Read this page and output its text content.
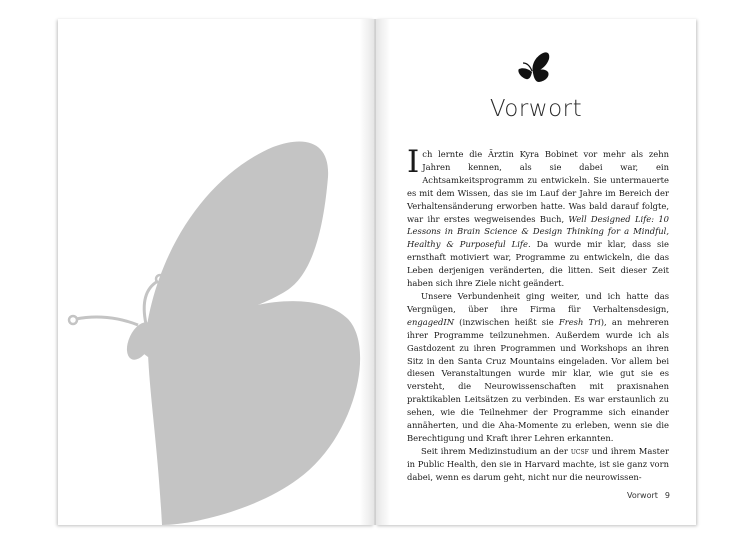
Vorwort

Ich lernte die Ärztin Kyra Bobinet vor mehr als zehn Jahren kennen, als sie dabei war, ein Achtsamkeitsprogramm zu entwickeln. Sie untermauerte es mit dem Wissen, das sie im Lauf der Jahre im Bereich der Verhaltensänderung erworben hatte. Was bald darauf folgte, war ihr erstes wegweisendes Buch, Well Designed Life: 10 Lessons in Brain Science & Design Thinking for a Mindful, Healthy & Purposeful Life. Da wurde mir klar, dass sie ernsthaft motiviert war, Programme zu entwickeln, die das Leben derjenigen veränderten, die litten. Seit dieser Zeit haben sich ihre Ziele nicht geändert.

Unsere Verbundenheit ging weiter, und ich hatte das Vergnügen, über ihre Firma für Verhaltensdesign, engagedIN (inzwischen heißt sie Fresh Tri), an mehreren ihrer Programme teilzunehmen. Außerdem wurde ich als Gastdozent zu ihren Programmen und Workshops an ihren Sitz in den Santa Cruz Mountains eingeladen. Vor allem bei diesen Veranstaltungen wurde mir klar, wie gut sie es versteht, die Neurowissenschaften mit praxisnahen praktikablen Leitsätzen zu verbinden. Es war erstaunlich zu sehen, wie die Teilnehmer der Programme sich einander annäherten, und die Aha-Momente zu erleben, wenn sie die Berechtigung und Kraft ihrer Lehren erkannten.

Seit ihrem Medizinstudium an der ucsf und ihrem Master in Public Health, den sie in Harvard machte, ist sie ganz vorn dabei, wenn es darum geht, nicht nur die neurowissen-

Vorwort 9
